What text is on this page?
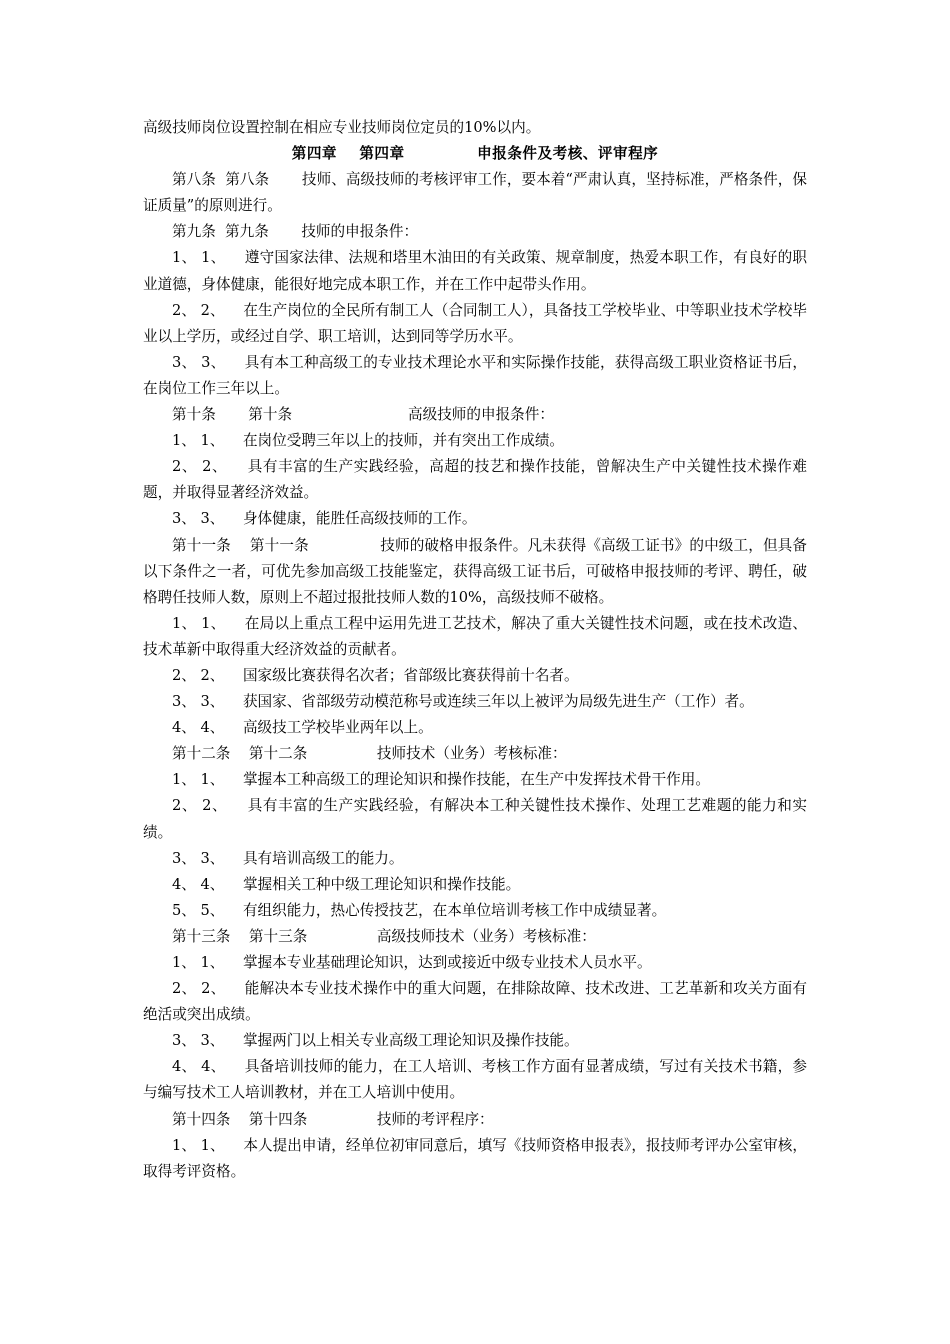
高级技师岗位设置控制在相应专业技师岗位定员的10%以内。

第四章    第四章             申报条件及考核、评审程序

第八条  第八条       技师、高级技师的考核评审工作，要本着“严肃认真，坚持标准，严格条件，保证质量”的原则进行。

第九条  第九条       技师的申报条件：

1、 1、    遵守国家法律、法规和塔里木油田的有关政策、规章制度，热爱本职工作，有良好的职业道德，身体健康，能很好地完成本职工作，并在工作中起带头作用。

2、 2、    在生产岗位的全民所有制工人（合同制工人），具备技工学校毕业、中等职业技术学校毕业以上学历，或经过自学、职工培训，达到同等学历水平。

3、 3、    具有本工种高级工的专业技术理论水平和实际操作技能，获得高级工职业资格证书后，在岗位工作三年以上。

第十条       第十条                         高级技师的申报条件：

1、 1、    在岗位受聘三年以上的技师，并有突出工作成绩。

2、 2、    具有丰富的生产实践经验，高超的技艺和操作技能，曾解决生产中关键性技术操作难题，并取得显著经济效益。

3、 3、    身体健康，能胜任高级技师的工作。

第十一条    第十一条               技师的破格申报条件。凡未获得《高级工证书》的中级工，但具备以下条件之一者，可优先参加高级工技能鉴定，获得高级工证书后，可破格申报技师的考评、聘任，破格聘任技师人数，原则上不超过报批技师人数的10%，高级技师不破格。

1、 1、    在局以上重点工程中运用先进工艺技术，解决了重大关键性技术问题，或在技术改造、技术革新中取得重大经济效益的贡献者。

2、 2、    国家级比赛获得名次者；省部级比赛获得前十名者。

3、 3、    获国家、省部级劳动模范称号或连续三年以上被评为局级先进生产（工作）者。

4、 4、    高级技工学校毕业两年以上。

第十二条    第十二条               技师技术（业务）考核标准：

1、 1、    掌握本工种高级工的理论知识和操作技能，在生产中发挥技术骨干作用。

2、 2、    具有丰富的生产实践经验，有解决本工种关键性技术操作、处理工艺难题的能力和实绩。

3、 3、    具有培训高级工的能力。

4、 4、    掌握相关工种中级工理论知识和操作技能。

5、 5、    有组织能力，热心传授技艺，在本单位培训考核工作中成绩显著。

第十三条    第十三条               高级技师技术（业务）考核标准：

1、 1、    掌握本专业基础理论知识，达到或接近中级专业技术人员水平。

2、 2、    能解决本专业技术操作中的重大问题，在排除故障、技术改进、工艺革新和攻关方面有绝活或突出成绩。

3、 3、    掌握两门以上相关专业高级工理论知识及操作技能。

4、 4、    具备培训技师的能力，在工人培训、考核工作方面有显著成绩，写过有关技术书籍，参与编写技术工人培训教材，并在工人培训中使用。

第十四条    第十四条               技师的考评程序：

1、 1、    本人提出申请，经单位初审同意后，填写《技师资格申报表》，报技师考评办公室审核，取得考评资格。
